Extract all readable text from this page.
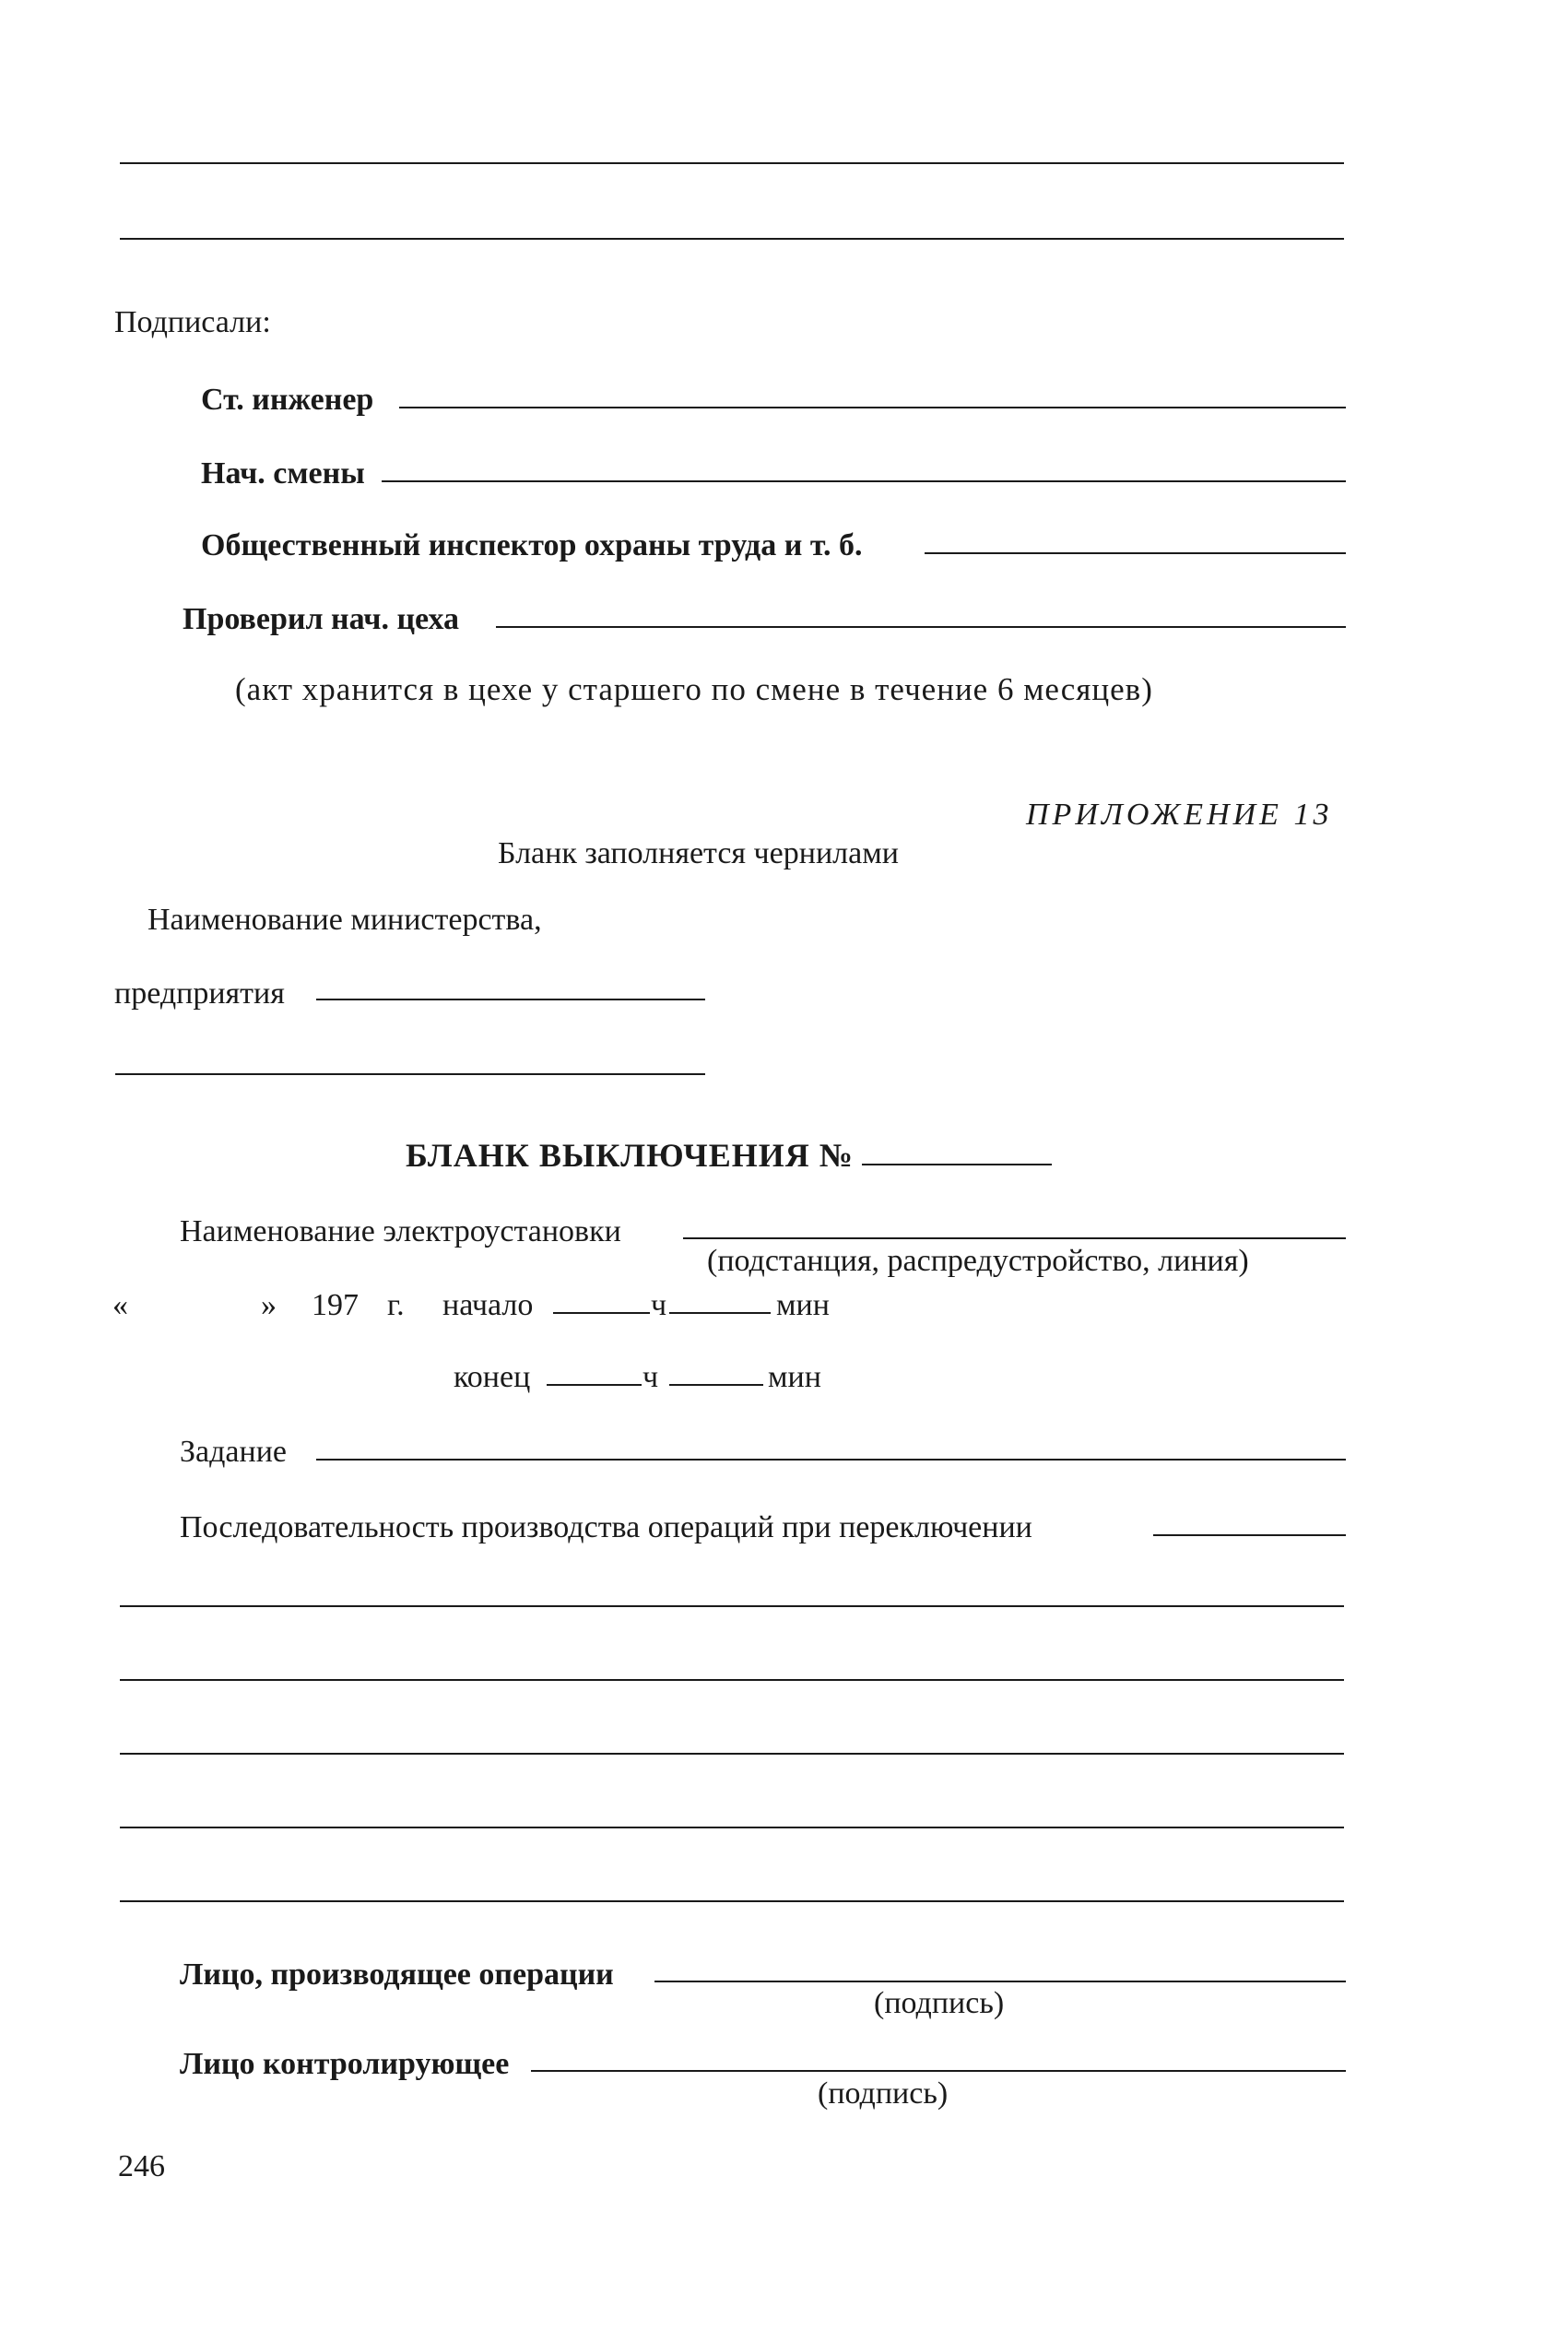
Подписали:
Ст. инженер
Нач. смены
Общественный инспектор охраны труда и т. б.
Проверил нач. цеха
(акт хранится в цехе у старшего по смене в течение 6 месяцев)
ПРИЛОЖЕНИЕ 13
Бланк заполняется чернилами
Наименование министерства,
предприятия
БЛАНК ВЫКЛЮЧЕНИЯ №
Наименование электроустановки
(подстанция, распредустройство, линия)
«	» 197 г. начало	ч	мин
конец	ч	мин
Задание
Последовательность производства операций при переключении
Лицо, производящее операции
(подпись)
Лицо контролирующее
(подпись)
246
